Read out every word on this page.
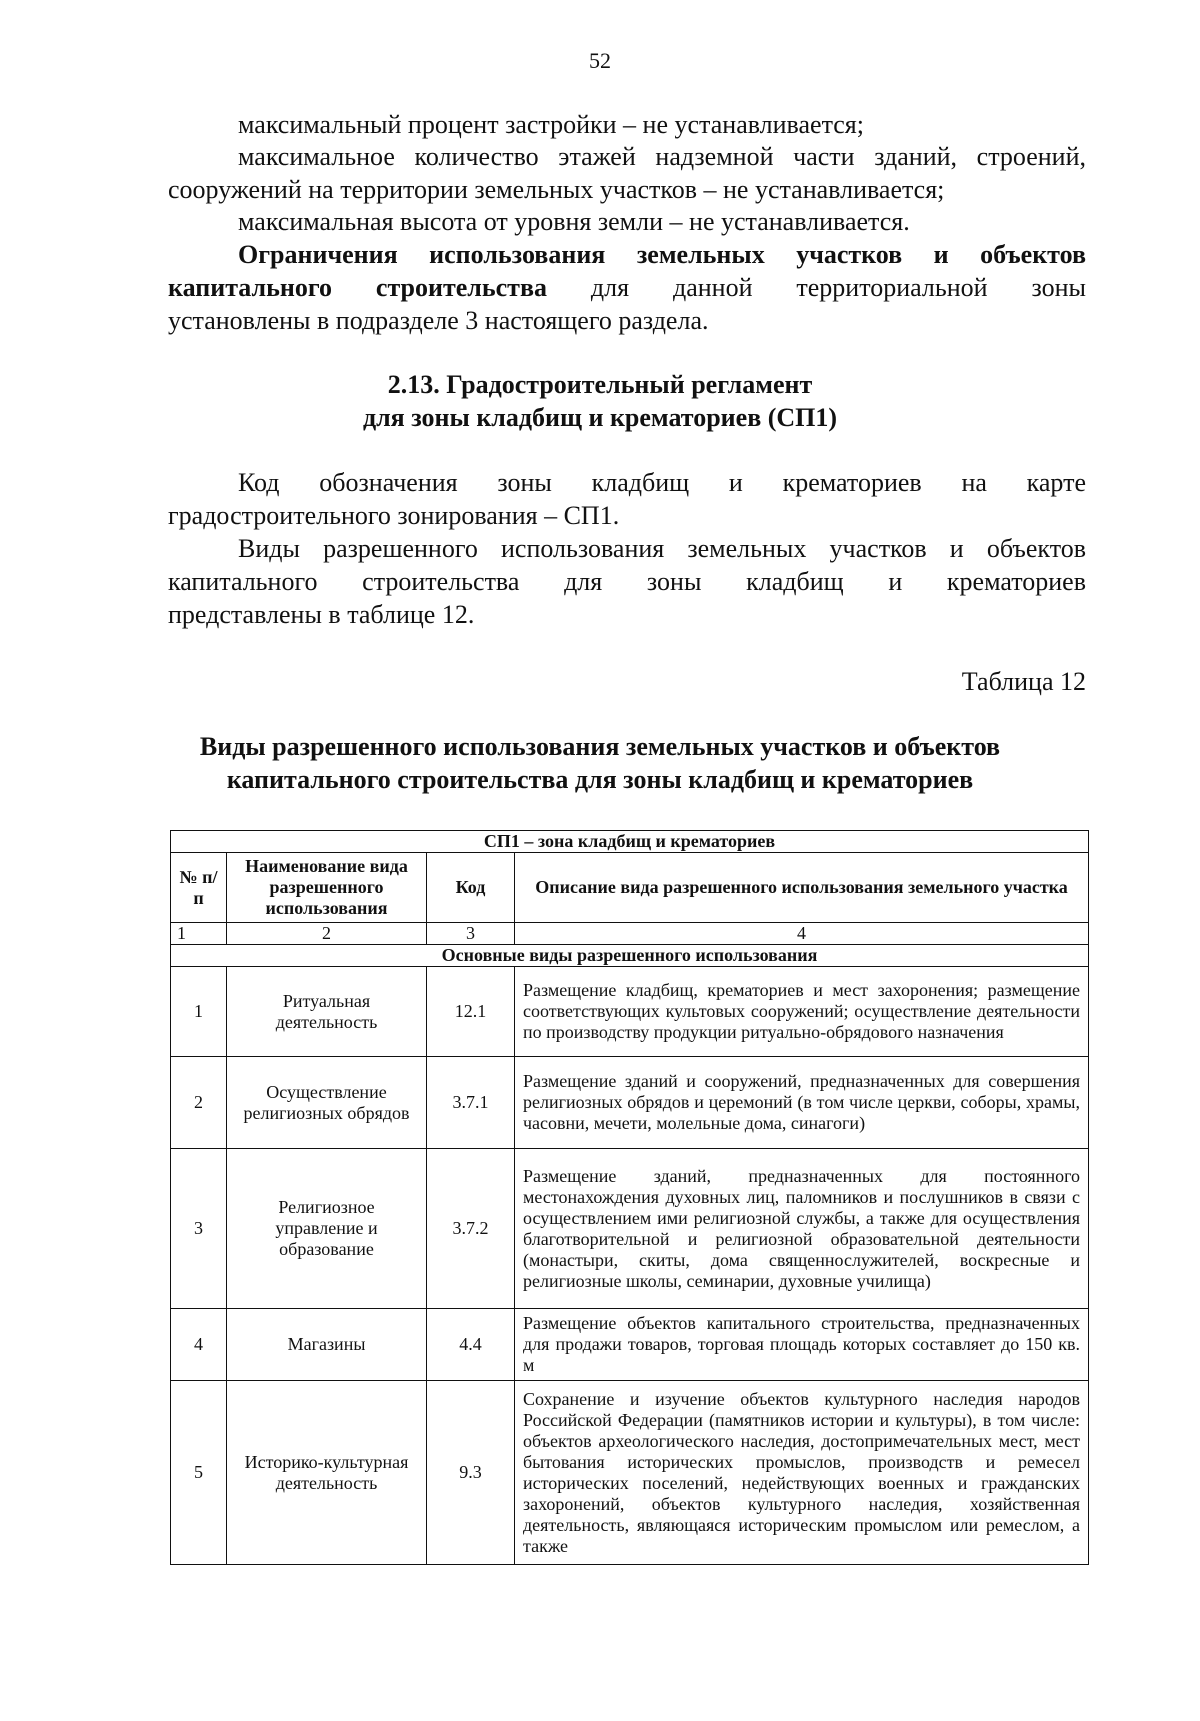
52
максимальный процент застройки – не устанавливается;
максимальное количество этажей надземной части зданий, строений,
сооружений на территории земельных участков – не устанавливается;
максимальная высота от уровня земли – не устанавливается.
Ограничения использования земельных участков и объектов
капитального строительства для данной территориальной зоны
установлены в подразделе 3 настоящего раздела.
2.13. Градостроительный регламент
для зоны кладбищ и крематориев (СП1)
Код обозначения зоны кладбищ и крематориев на карте
градостроительного зонирования – СП1.
Виды разрешенного использования земельных участков и объектов
капитального строительства для зоны кладбищ и крематориев
представлены в таблице 12.
Таблица 12
Виды разрешенного использования земельных участков и объектов
капитального строительства для зоны кладбищ и крематориев
СП1 – зона кладбищ и крематориев			
№ п/п	Наименование вида разрешенного использования	Код	Описание вида разрешенного использования земельного участка
1	2	3	4
Основные виды разрешенного использования			
1	Ритуальная деятельность	12.1	Размещение кладбищ, крематориев и мест захоронения; размещение соответствующих культовых сооружений; осуществление деятельности по производству продукции ритуально-обрядового назначения
2	Осуществление религиозных обрядов	3.7.1	Размещение зданий и сооружений, предназначенных для совершения религиозных обрядов и церемоний (в том числе церкви, соборы, храмы, часовни, мечети, молельные дома, синагоги)
3	Религиозное управление и образование	3.7.2	Размещение зданий, предназначенных для постоянного местонахождения духовных лиц, паломников и послушников в связи с осуществлением ими религиозной службы, а также для осуществления благотворительной и религиозной образовательной деятельности (монастыри, скиты, дома священнослужителей, воскресные и религиозные школы, семинарии, духовные училища)
4	Магазины	4.4	Размещение объектов капитального строительства, предназначенных для продажи товаров, торговая площадь которых составляет до 150 кв. м
5	Историко-культурная деятельность	9.3	Сохранение и изучение объектов культурного наследия народов Российской Федерации (памятников истории и культуры), в том числе: объектов археологического наследия, достопримечательных мест, мест бытования исторических промыслов, производств и ремесел исторических поселений, недействующих военных и гражданских захоронений, объектов культурного наследия, хозяйственная деятельность, являющаяся историческим промыслом или ремеслом, а также
